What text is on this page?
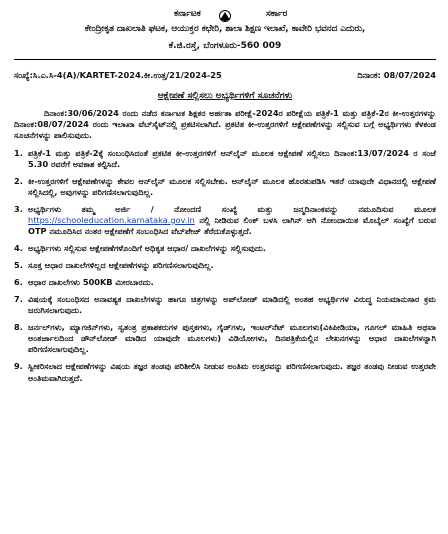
ಕರ್ನಾಟಕ	ಸರ್ಕಾರ
ಕೇಂದ್ರೀಕೃತ ದಾಖಲಾತಿ ಘಟಕ, ಆಯುಕ್ತರ ಕಛೇರಿ, ಶಾಲಾ ಶಿಕ್ಷಣ ಇಲಾಖೆ, ಕಾವೇರಿ ಭವನದ ಎದುರು,
ಕೆ.ಜಿ.ರಸ್ತೆ, ಬೆಂಗಳೂರು-560 009
ಸಂಖ್ಯೆ:ಸಿ.ಎ.ಸಿ-4(A)/KARTET-2024.ಕೀ.ಉತ್ತ/21/2024-25	ದಿನಾಂಕ: 08/07/2024
ಆಕ್ಷೇಪಣೆ ಸಲ್ಲಿಸಲು ಅಭ್ಯರ್ಥಿಗಳಿಗೆ ಸೂಚನೆಗಳು

ದಿನಾಂಕ:30/06/2024 ರಂದು ನಡೆದ ಕರ್ನಾಟಕ ಶಿಕ್ಷಕರ ಅರ್ಹತಾ ಪರೀಕ್ಷೆ-2024ರ ಪರೀಕ್ಷೆಯ ಪತ್ರಿಕೆ-1 ಮತ್ತು ಪತ್ರಿಕೆ-2ರ ಕೀ-ಉತ್ತರಗಳನ್ನು ದಿನಾಂಕ:08/07/2024 ರಂದು ಇಲಾಖಾ ವೆಬ್‌ಸೈಟ್‌ನಲ್ಲಿ ಪ್ರಕಟಿಸಲಾಗಿದೆ. ಪ್ರಕಟಿತ ಕೀ-ಉತ್ತರಗಳಿಗೆ ಆಕ್ಷೇಪಣೆಗಳನ್ನು ಸಲ್ಲಿಸುವ ಬಗ್ಗೆ ಅಭ್ಯರ್ಥಿಗಳು ಕೆಳಕಂಡ ಸೂಚನೆಗಳನ್ನು ಪಾಲಿಸುವುದು.

1. ಪತ್ರಿಕೆ-1 ಮತ್ತು ಪತ್ರಿಕೆ-2ಕ್ಕೆ ಸಂಬಂಧಿಸಿದಂತೆ ಪ್ರಕಟಿತ ಕೀ-ಉತ್ತರಗಳಿಗೆ ಆನ್‌ಲೈನ್ ಮೂಲಕ ಆಕ್ಷೇಪಣೆ ಸಲ್ಲಿಸಲು ದಿನಾಂಕ:13/07/2024 ರ ಸಂಜೆ 5.30 ರವರೆಗೆ ಅವಕಾಶ ಕಲ್ಪಿಸಿದೆ.
2. ಕೀ-ಉತ್ತರಗಳಿಗೆ ಆಕ್ಷೇಪಣೆಗಳನ್ನು ಕೇವಲ ಆನ್‌ಲೈನ್ ಮೂಲಕ ಸಲ್ಲಿಸಬೇಕು. ಆನ್‌ಲೈನ್ ಮೂಲಕ ಹೊರತುಪಡಿಸಿ ಇತರೆ ಯಾವುದೇ ವಿಧಾನದಲ್ಲಿ ಆಕ್ಷೇಪಣೆ ಸಲ್ಲಿಸಿದಲ್ಲಿ, ಅವುಗಳನ್ನು ಪರಿಗಣಿಸಲಾಗುವುದಿಲ್ಲ.
3. ಅಭ್ಯರ್ಥಿಗಳು ತಮ್ಮ ಅರ್ಜಿ / ನೋಂದಣಿ ಸಂಖ್ಯೆ ಮತ್ತು ಜನ್ಮದಿನಾಂಕವನ್ನು ನಮೂದಿಸುವ ಮೂಲಕ https://schooleducation.karnataka.gov.in ನಲ್ಲಿ ನೀಡಿರುವ ಲಿಂಕ್ ಬಳಸಿ ಲಾಗಿನ್ ಆಗಿ ನೋಂದಾಯಿತ ಮೊಬೈಲ್ ಸಂಖ್ಯೆಗೆ ಬರುವ OTP ನಮೂದಿಸಿದ ನಂತರ ಆಕ್ಷೇಪಣೆಗೆ ಸಂಬಂಧಿಸಿದ ವೆಬ್‌ಪೇಜ್ ತೆರೆದುಕೊಳ್ಳುತ್ತದೆ.
4. ಅಭ್ಯರ್ಥಿಗಳು ಸಲ್ಲಿಸುವ ಆಕ್ಷೇಪಣೆಗಳೊಂದಿಗೆ ಅಧಿಕೃತ ಆಧಾರ/ ದಾಖಲೆಗಳನ್ನು ಸಲ್ಲಿಸುವುದು.
5. ಸೂಕ್ತ ಆಧಾರ ದಾಖಲೆಗಳಿಲ್ಲದ ಆಕ್ಷೇಪಣೆಗಳನ್ನು ಪರಿಗಣಿಸಲಾಗುವುದಿಲ್ಲ.
6. ಆಧಾರ ದಾಖಲೆಗಳು 500KB ಮೀರಬಾರದು.
7. ವಿಷಯಕ್ಕೆ ಸಂಬಂಧಿಸದ ಅನಾವಶ್ಯಕ ದಾಖಲೆಗಳನ್ನು ಹಾಗೂ ಚಿತ್ರಗಳನ್ನು ಅಪ್‌ಲೋಡ್ ಮಾಡಿದಲ್ಲಿ ಅಂತಹ ಅಭ್ಯರ್ಥಿಗಳ ವಿರುದ್ಧ ನಿಯಮಾನುಸಾರ ಕ್ರಮ ಜರುಗಿಸಲಾಗುವುದು.
8. ಜರ್ನಲ್‌ಗಳು, ಮ್ಯಾಗಜಿನ್‌ಗಳು, ಸ್ವತಂತ್ರ ಪ್ರಕಾಶಕರುಗಳ ಪುಸ್ತಕಗಳು, ಗೈಡ್‌ಗಳು, ಇಂಟರ್‌ನೆಟ್ ಮೂಲಗಳು(ವಿಕಿಪೀಡಿಯಾ, ಗೂಗಲ್ ಮಾಹಿತಿ ಅಥವಾ ಅಂತರ್ಜಾಲದಿಂದ ಡೌನ್‌ಲೋಡ್ ಮಾಡಿದ ಯಾವುದೇ ಮೂಲಗಳು) ವಿಡಿಯೋಗಳು, ದಿನಪತ್ರಿಕೆಯಲ್ಲಿನ ಲೇಖನಗಳನ್ನು ಆಧಾರ ದಾಖಲೆಗಳನ್ನಾಗಿ ಪರಿಗಣಿಸಲಾಗುವುದಿಲ್ಲ.
9. ಸ್ವೀಕರಿಸಲಾದ ಆಕ್ಷೇಪಣೆಗಳನ್ನು ವಿಷಯ ತಜ್ಞರ ತಂಡವು ಪರಿಶೀಲಿಸಿ ನೀಡುವ ಅಂತಿಮ ಉತ್ತರವನ್ನು ಪರಿಗಣಿಸಲಾಗುವುದು. ತಜ್ಞರ ತಂಡವು ನೀಡುವ ಉತ್ತರವೇ ಅಂತಿಮವಾಗಿರುತ್ತದೆ.
